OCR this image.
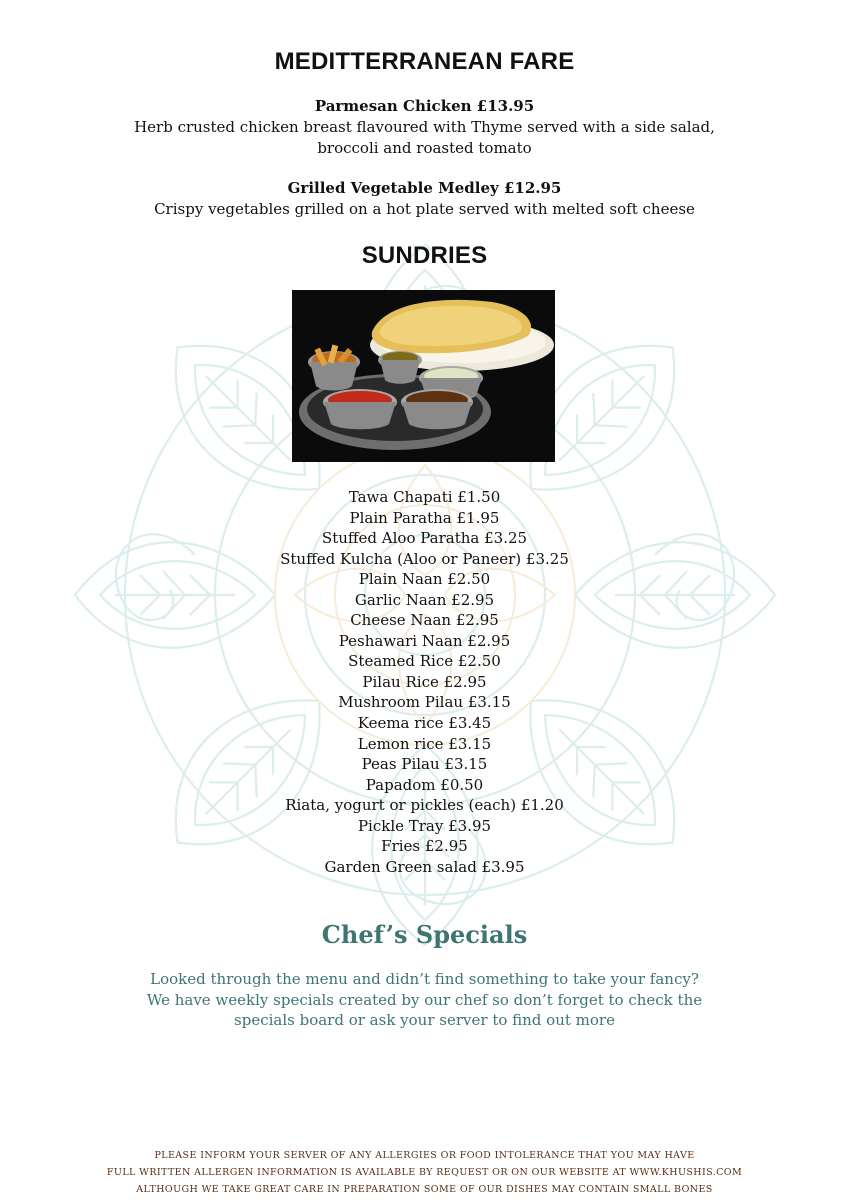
MEDITTERRANEAN FARE
Parmesan Chicken £13.95
Herb crusted chicken breast flavoured with Thyme served with a side salad,
broccoli and roasted tomato
Grilled Vegetable Medley £12.95
Crispy vegetables grilled on a hot plate served with melted soft cheese
SUNDRIES
Tawa Chapati £1.50
Plain Paratha £1.95
Stuffed Aloo Paratha £3.25
Stuffed Kulcha (Aloo or Paneer) £3.25
Plain Naan £2.50
Garlic Naan £2.95
Cheese Naan £2.95
Peshawari Naan £2.95
Steamed Rice £2.50
Pilau Rice £2.95
Mushroom Pilau £3.15
Keema rice £3.45
Lemon rice £3.15
Peas Pilau £3.15
Papadom £0.50
Riata, yogurt or pickles (each) £1.20
Pickle Tray £3.95
Fries £2.95
Garden Green salad £3.95
Chef’s Specials
Looked through the menu and didn’t find something to take your fancy?
We have weekly specials created by our chef so don’t forget to check the
specials board or ask your server to find out more
PLEASE INFORM YOUR SERVER OF ANY ALLERGIES OR FOOD INTOLERANCE THAT YOU MAY HAVE
FULL WRITTEN ALLERGEN INFORMATION IS AVAILABLE BY REQUEST OR ON OUR WEBSITE AT WWW.KHUSHIS.COM
ALTHOUGH WE TAKE GREAT CARE IN PREPARATION SOME OF OUR DISHES MAY CONTAIN SMALL BONES
